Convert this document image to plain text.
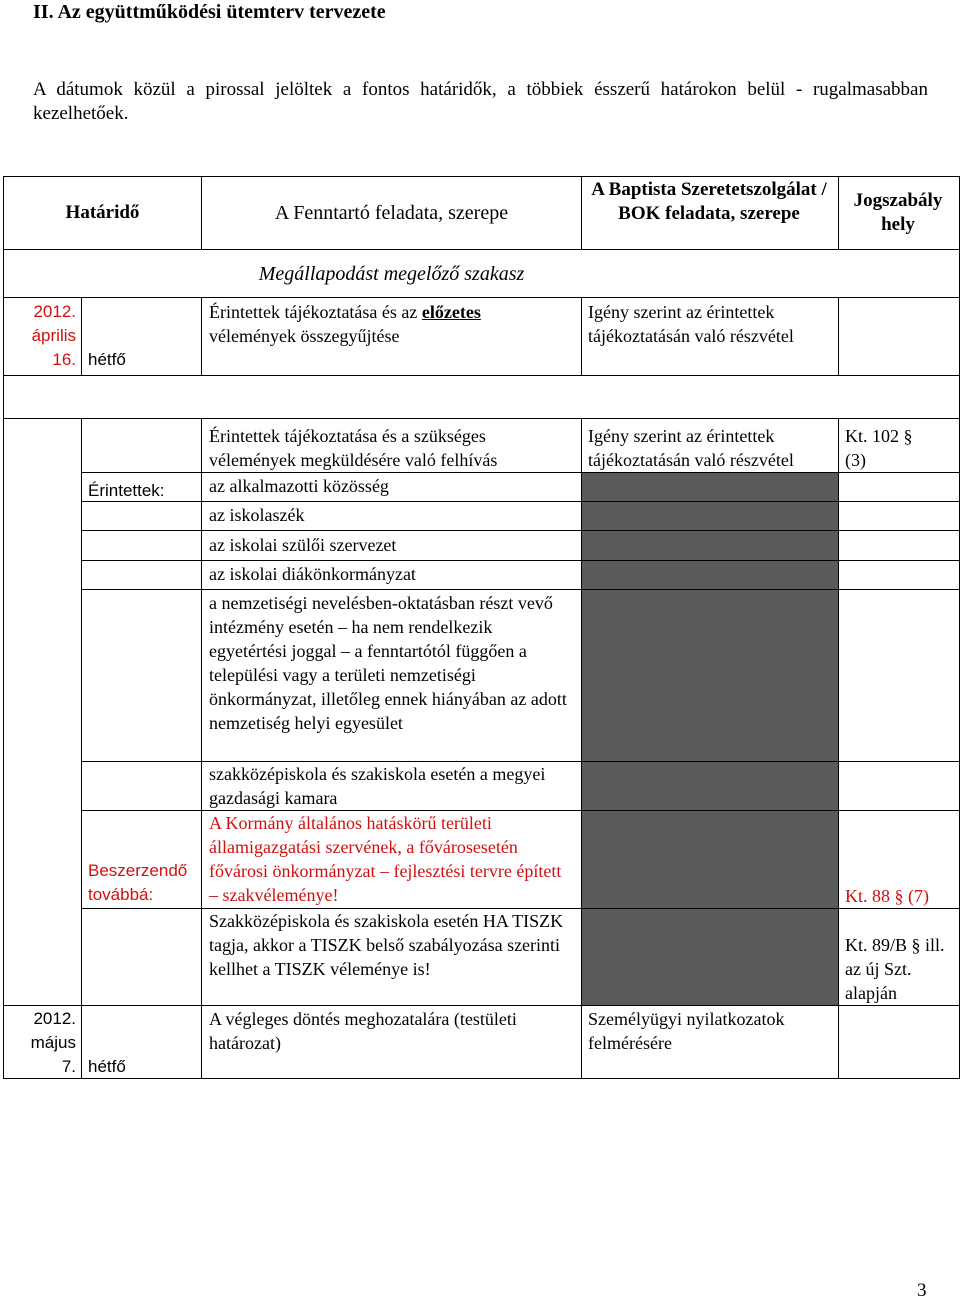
II. Az együttműködési ütemterv tervezete
A dátumok közül a pirossal jelöltek a fontos határidők, a többiek ésszerű határokon belül - rugalmasabban kezelhetőek.
Határidő	A Fenntartó feladata, szerepe
A Baptista Szeretetszolgálat / BOK feladata, szerepe
Jogszabály hely
Megállapodást megelőző szakasz
2012.
április
16. hétfő
Érintettek tájékoztatása és az előzetes
vélemények összegyűjtése
Igény szerint az érintettek tájékoztatásán való részvétel
Érintettek tájékoztatása és a szükséges vélemények megküldésére való felhívás
Igény szerint az érintettek tájékoztatásán való részvétel
Kt. 102 § (3)
Érintettek: az alkalmazotti közösség
az iskolaszék
az iskolai szülői szervezet
az iskolai diákönkormányzat
a nemzetiségi nevelésben-oktatásban részt vevő intézmény esetén – ha nem rendelkezik egyetértési joggal – a fenntartótól függően a települési vagy a területi nemzetiségi önkormányzat, illetőleg ennek hiányában az adott nemzetiség helyi egyesület
szakközépiskola és szakiskola esetén a megyei gazdasági kamara
Beszerzendő továbbá:
A Kormány általános hatáskörű területi államigazgatási szervének, a fővárosesetén fővárosi önkormányzat – fejlesztési tervre épített – szakvéleménye!	Kt. 88 § (7)
Szakközépiskola és szakiskola esetén HA TISZK tagja, akkor a TISZK belső szabályozása szerinti kellhet a TISZK véleménye is!
Kt. 89/B § ill. az új Szt. alapján
2012.
május
7. hétfő
A végleges döntés meghozatalára (testületi határozat)
Személyügyi nyilatkozatok felmérésére
3
